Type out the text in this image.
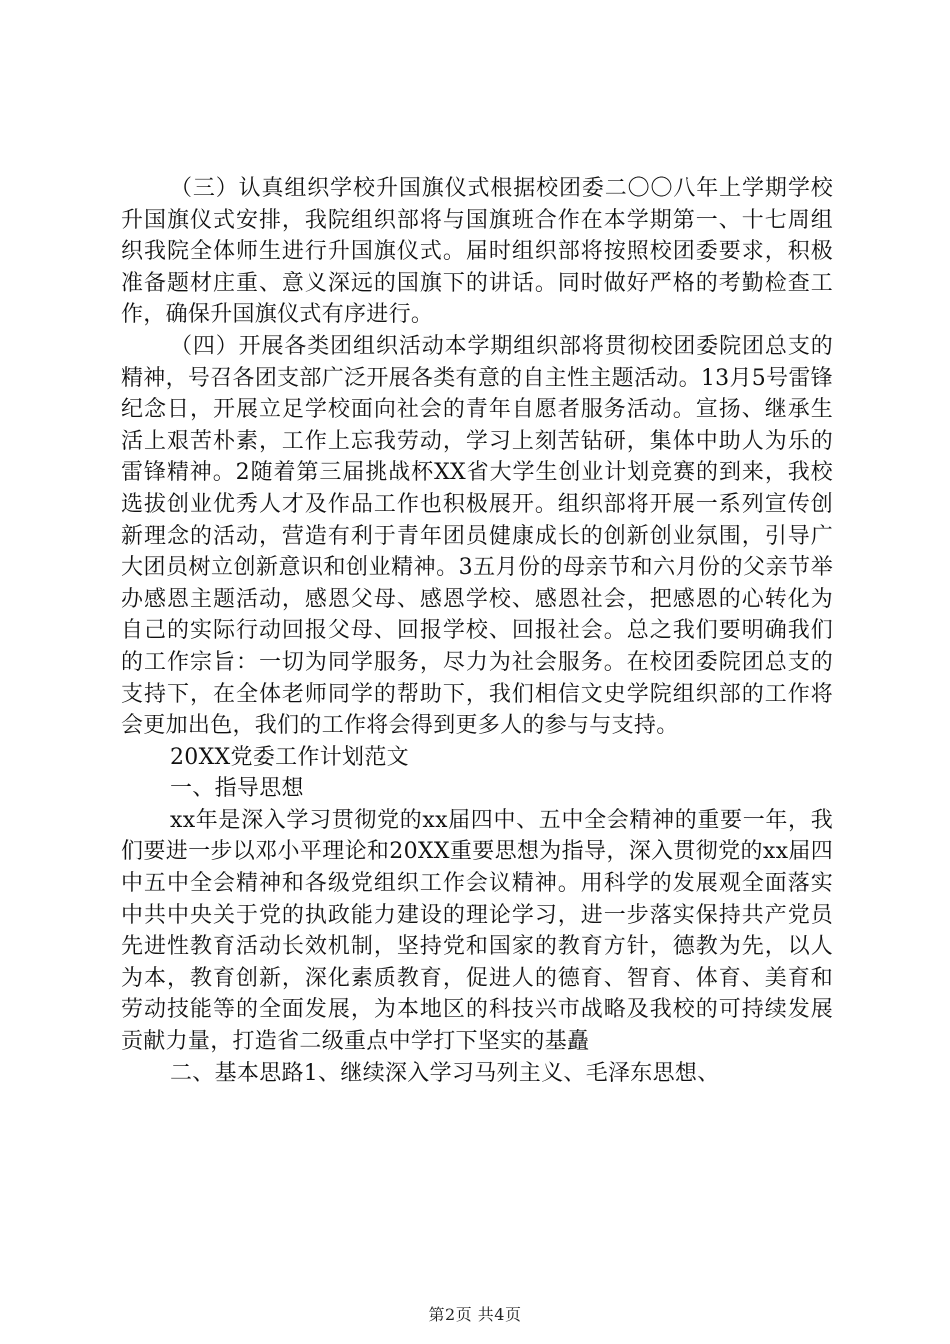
（三）认真组织学校升国旗仪式根据校团委二〇〇八年上学期学校升国旗仪式安排，我院组织部将与国旗班合作在本学期第一、十七周组织我院全体师生进行升国旗仪式。届时组织部将按照校团委要求，积极准备题材庄重、意义深远的国旗下的讲话。同时做好严格的考勤检查工作，确保升国旗仪式有序进行。

（四）开展各类团组织活动本学期组织部将贯彻校团委院团总支的精神，号召各团支部广泛开展各类有意的自主性主题活动。13月5号雷锋纪念日，开展立足学校面向社会的青年自愿者服务活动。宣扬、继承生活上艰苦朴素，工作上忘我劳动，学习上刻苦钻研，集体中助人为乐的雷锋精神。2随着第三届挑战杯XX省大学生创业计划竞赛的到来，我校选拔创业优秀人才及作品工作也积极展开。组织部将开展一系列宣传创新理念的活动，营造有利于青年团员健康成长的创新创业氛围，引导广大团员树立创新意识和创业精神。3五月份的母亲节和六月份的父亲节举办感恩主题活动，感恩父母、感恩学校、感恩社会，把感恩的心转化为自己的实际行动回报父母、回报学校、回报社会。总之我们要明确我们的工作宗旨：一切为同学服务，尽力为社会服务。在校团委院团总支的支持下，在全体老师同学的帮助下，我们相信文史学院组织部的工作将会更加出色，我们的工作将会得到更多人的参与与支持。

20XX党委工作计划范文

一、指导思想

xx年是深入学习贯彻党的xx届四中、五中全会精神的重要一年，我们要进一步以邓小平理论和20XX重要思想为指导，深入贯彻党的xx届四中五中全会精神和各级党组织工作会议精神。用科学的发展观全面落实中共中央关于党的执政能力建设的理论学习，进一步落实保持共产党员先进性教育活动长效机制，坚持党和国家的教育方针，德教为先，以人为本，教育创新，深化素质教育，促进人的德育、智育、体育、美育和劳动技能等的全面发展，为本地区的科技兴市战略及我校的可持续发展贡献力量，打造省二级重点中学打下坚实的基矗

二、基本思路1、继续深入学习马列主义、毛泽东思想、

第2页 共4页
